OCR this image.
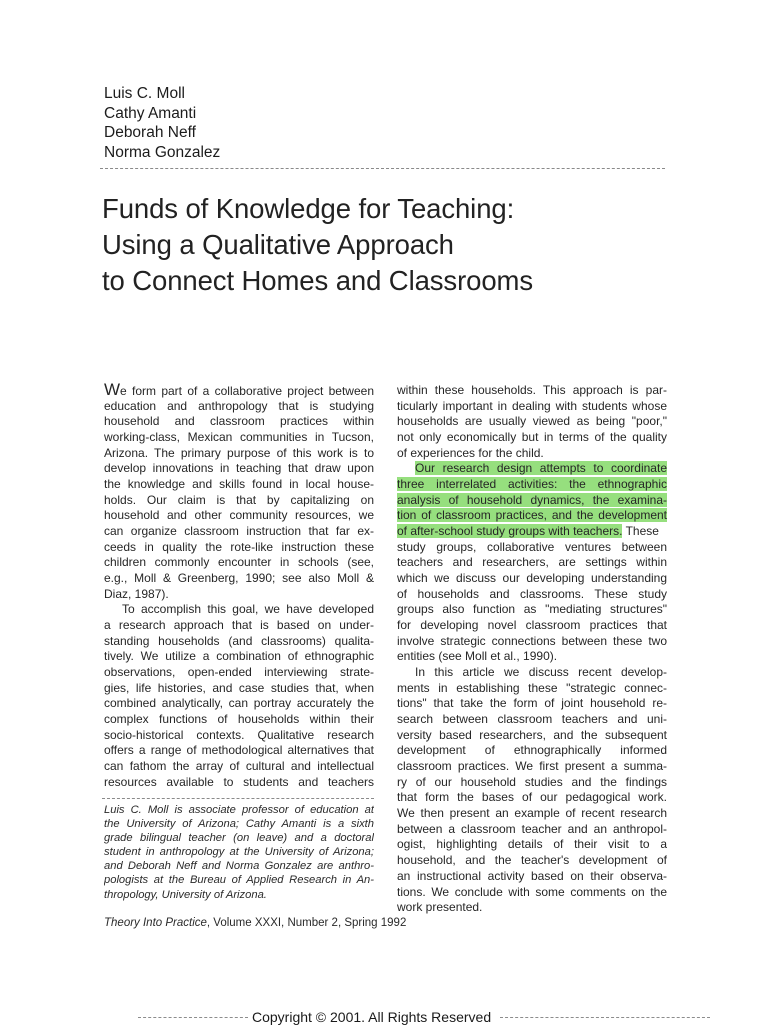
Luis C. Moll
Cathy Amanti
Deborah Neff
Norma Gonzalez
Funds of Knowledge for Teaching:
Using a Qualitative Approach
to Connect Homes and Classrooms
We form part of a collaborative project between
education and anthropology that is studying
household and classroom practices within
working-class, Mexican communities in Tucson,
Arizona. The primary purpose of this work is to
develop innovations in teaching that draw upon
the knowledge and skills found in local house-
holds. Our claim is that by capitalizing on
household and other community resources, we
can organize classroom instruction that far ex-
ceeds in quality the rote-like instruction these
children commonly encounter in schools (see,
e.g., Moll & Greenberg, 1990; see also Moll &
Diaz, 1987).
To accomplish this goal, we have developed
a research approach that is based on under-
standing households (and classrooms) qualita-
tively. We utilize a combination of ethnographic
observations, open-ended interviewing strate-
gies, life histories, and case studies that, when
combined analytically, can portray accurately the
complex functions of households within their
socio-historical contexts. Qualitative research
offers a range of methodological alternatives that
can fathom the array of cultural and intellectual
resources available to students and teachers
within these households. This approach is par-
ticularly important in dealing with students whose
households are usually viewed as being "poor,"
not only economically but in terms of the quality
of experiences for the child.
Our research design attempts to coordinate
three interrelated activities: the ethnographic
analysis of household dynamics, the examina-
tion of classroom practices, and the development
of after-school study groups with teachers. These
study groups, collaborative ventures between
teachers and researchers, are settings within
which we discuss our developing understanding
of households and classrooms. These study
groups also function as "mediating structures"
for developing novel classroom practices that
involve strategic connections between these two
entities (see Moll et al., 1990).
In this article we discuss recent develop-
ments in establishing these "strategic connec-
tions" that take the form of joint household re-
search between classroom teachers and uni-
versity based researchers, and the subsequent
development of ethnographically informed
classroom practices. We first present a summa-
ry of our household studies and the findings
that form the bases of our pedagogical work.
We then present an example of recent research
between a classroom teacher and an anthropol-
ogist, highlighting details of their visit to a
household, and the teacher's development of
an instructional activity based on their observa-
tions. We conclude with some comments on the
work presented.
Luis C. Moll is associate professor of education at
the University of Arizona; Cathy Amanti is a sixth
grade bilingual teacher (on leave) and a doctoral
student in anthropology at the University of Arizona;
and Deborah Neff and Norma Gonzalez are anthro-
pologists at the Bureau of Applied Research in An-
thropology, University of Arizona.
Theory Into Practice, Volume XXXI, Number 2, Spring 1992
Copyright © 2001. All Rights Reserved
